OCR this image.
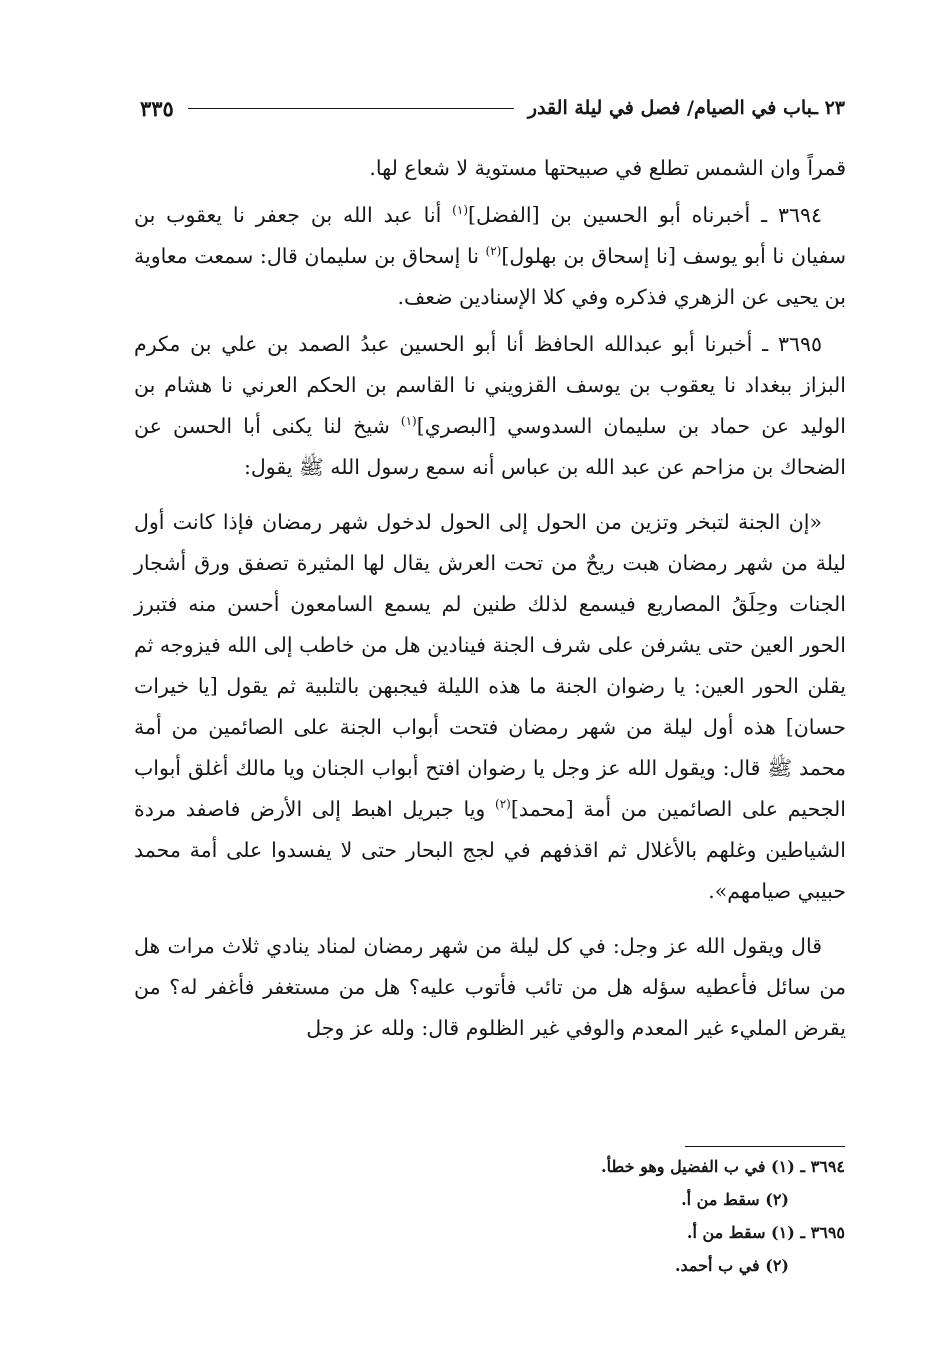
٢٣ ـباب في الصيام/ فصل في ليلة القدر
٣٣٥

قمراً وان الشمس تطلع في صبيحتها مستوية لا شعاع لها.

٣٦٩٤ ـ أخبرناه أبو الحسين بن [الفضل]$^{(١)}$ أنا عبد الله بن جعفر نا يعقوب بن سفيان نا أبو يوسف [نا إسحاق بن بهلول]$^{(٢)}$ نا إسحاق بن سليمان قال: سمعت معاوية بن يحيى عن الزهري فذكره وفي كلا الإسنادين ضعف.

٣٦٩٥ ـ أخبرنا أبو عبدالله الحافظ أنا أبو الحسين عبدُ الصمد بن علي بن مكرم البزاز ببغداد نا يعقوب بن يوسف القزويني نا القاسم بن الحكم العرني نا هشام بن الوليد عن حماد بن سليمان السدوسي [البصري]$^{(١)}$ شيخ لنا يكنى أبا الحسن عن الضحاك بن مزاحم عن عبد الله بن عباس أنه سمع رسول الله ﷺ يقول:

«إن الجنة لتبخر وتزين من الحول إلى الحول لدخول شهر رمضان فإذا كانت أول ليلة من شهر رمضان هبت ريحٌ من تحت العرش يقال لها المثيرة تصفق ورق أشجار الجنات وحِلَقُ المصاريع فيسمع لذلك طنين لم يسمع السامعون أحسن منه فتبرز الحور العين حتى يشرفن على شرف الجنة فينادين هل من خاطب إلى الله فيزوجه ثم يقلن الحور العين: يا رضوان الجنة ما هذه الليلة فيجبهن بالتلبية ثم يقول [يا خيرات حسان] هذه أول ليلة من شهر رمضان فتحت أبواب الجنة على الصائمين من أمة محمد ﷺ قال: ويقول الله عز وجل يا رضوان افتح أبواب الجنان ويا مالك أغلق أبواب الجحيم على الصائمين من أمة [محمد]$^{(٢)}$ ويا جبريل اهبط إلى الأرض فاصفد مردة الشياطين وغلهم بالأغلال ثم اقذفهم في لجج البحار حتى لا يفسدوا على أمة محمد حبيبي صيامهم».

قال ويقول الله عز وجل: في كل ليلة من شهر رمضان لمناد ينادي ثلاث مرات هل من سائل فأعطيه سؤله هل من تائب فأتوب عليه؟ هل من مستغفر فأغفر له؟ من يقرض المليء غير المعدم والوفي غير الظلوم قال: ولله عز وجل

٣٦٩٤ ـ (١) في ب الفضيل وهو خطأ.
(٢) سقط من أ.
٣٦٩٥ ـ (١) سقط من أ.
(٢) في ب أحمد.
